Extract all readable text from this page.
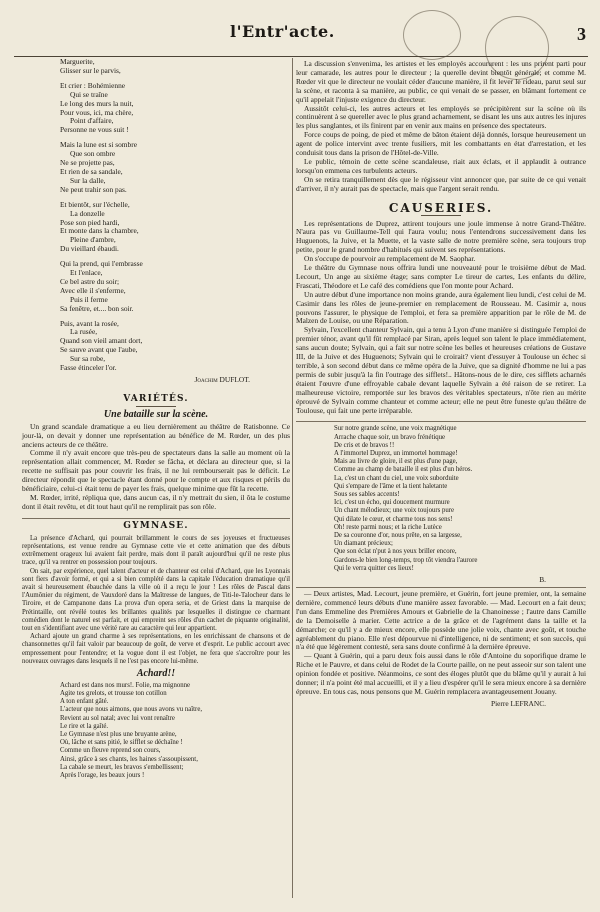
l'Entr'acte.	3

Marguerite,

Glisser sur le parvis,

Et crier : Bohémienne

Qui se traîne

Le long des murs la nuit,

Pour vous, ici, ma chère,

Point d'affaire,

Personne ne vous suit !

Mais la lune est si sombre

Que son ombre

Ne se projette pas,

Et rien de sa sandale,

Sur la dalle,

Ne peut trahir son pas.

Et bientôt, sur l'échelle,

La donzelle

Pose son pied hardi,

Et monte dans la chambre,

Pleine d'ambre,

Du vieillard ébaudi.

Qui la prend, qui l'embrasse

Et l'enlace,

Ce bel astre du soir;

Avec elle il s'enferme,

Puis il ferme

Sa fenêtre, et.... bon soir.

Puis, avant la rosée,

La rusée,

Quand son vieil amant dort,

Se sauve avant que l'aube,

Sur sa robe,

Fasse étinceler l'or.

Joachim DUFLOT.

VARIÉTÉS.
Une bataille sur la scène.

Un grand scandale dramatique a eu lieu dernièrement au théâtre de Ratisbonne. Ce jour-là, on devait y donner une représentation au bénéfice de M. Rœder, un des plus anciens acteurs de ce théâtre.

Comme il n'y avait encore que très-peu de spectateurs dans la salle au moment où la représentation allait commencer, M. Rœder se fâcha, et déclara au directeur que, si la recette ne suffisait pas pour couvrir les frais, il ne lui rembourserait pas le déficit. Le directeur répondit que le spectacle étant donné pour le compte et aux risques et périls du bénéficiaire, celui-ci était tenu de payer les frais, quelque minime que fût la recette.

M. Rœder, irrité, répliqua que, dans aucun cas, il n'y mettrait du sien, il ôta le costume dont il était revêtu, et dit tout haut qu'il ne remplirait pas son rôle.

GYMNASE.

La présence d'Achard, qui pourrait brillamment le cours de ses joyeuses et fructueuses représentations, est venue rendre au Gymnase cette vie et cette animation que des débuts extrêmement orageux lui avaient fait perdre, mais dont il paraît aujourd'hui qu'il ne reste plus trace, qu'il va rentrer en possession pour toujours.

On sait, par expérience, quel talent d'acteur et de chanteur est celui d'Achard, que les Lyonnais sont fiers d'avoir formé, et qui a si bien complété dans la capitale l'éducation dramatique qu'il avait si heureusement ébauchée dans la ville où il a reçu le jour ! Les rôles de Pascal dans l'Aumônier du régiment, de Vauxdoré dans la Maîtresse de langues, de Titi-le-Talocheur dans le Tiroire, et de Campanone dans La prova d'un opera seria, et de Griest dans la marquise de Prétintaille, ont révélé toutes les brillantes qualités par lesquelles il distingue ce charmant comédien dont le naturel est parfait, et qui empreint ses rôles d'un cachet de piquante originalité, tout en s'identifiant avec une vérité rare au caractère qui leur appartient.

Achard ajoute un grand charme à ses représentations, en les enrichissant de chansons et de chansonnettes qu'il fait valoir par beaucoup de goût, de verve et d'esprit. Le public accourt avec empressement pour l'entendre; et la vogue dont il est l'objet, ne fera que s'accroître pour les nouveaux ouvrages dans lesquels il ne l'est pas encore lui-même.

Achard!!

Achard est dans nos murs!. Folie, ma mignonne

Agite tes grelots, et trousse ton cotillon

A ton enfant gâté.

L'acteur que nous aimons, que nous avons vu naître,

Revient au sol natal; avec lui vont renaître

Le rire et la gaîté.

Le Gymnase n'est plus une bruyante arène,

Où, lâche et sans pitié, le sifflet se déchaîne !

Comme un fleuve reprend son cours,

Ainsi, grâce à ses chants, les haines s'assoupissent,

La cabale se meurt, les bravos s'embellissent;

Après l'orage, les beaux jours !

La discussion s'envenima, les artistes et les employés accoururent : les uns prirent parti pour leur camarade, les autres pour le directeur ; la querelle devint bientôt générale; et comme M. Rœder vit que le directeur ne voulait céder d'aucune manière, il fit lever le rideau, parut seul sur la scène, et raconta à sa manière, au public, ce qui venait de se passer, en blâmant fortement ce qu'il appelait l'injuste exigence du directeur.

Aussitôt celui-ci, les autres acteurs et les employés se précipitèrent sur la scène où ils continuèrent à se quereller avec le plus grand acharnement, se disant les uns aux autres les injures les plus sanglantes, et ils finirent par en venir aux mains en présence des spectateurs.

Force coups de poing, de pied et même de bâton étaient déjà donnés, lorsque heureusement un agent de police intervint avec trente fusiliers, mit les combattants en état d'arrestation, et les conduisit tous dans la prison de l'Hôtel-de-Ville.

Le public, témoin de cette scène scandaleuse, riait aux éclats, et il applaudit à outrance lorsqu'on emmena ces turbulents acteurs.

On se retira tranquillement dès que le régisseur vint annoncer que, par suite de ce qui venait d'arriver, il n'y aurait pas de spectacle, mais que l'argent serait rendu.

CAUSERIES.

Les représentations de Duprez, attirent toujours une joule immense à notre Grand-Théâtre. N'aura pas vu Guillaume-Tell qui l'aura voulu; nous l'entendrons successivement dans les Huguenots, la Juive, et la Muette, et la vaste salle de notre première scène, sera toujours trop petite, pour le grand nombre d'habitués qui suivent ses représentations.

On s'occupe de pourvoir au remplacement de M. Saophar.

Le théâtre du Gymnase nous offrira lundi une nouveauté pour le troisième début de Mad. Lecourt, Un ange au sixième étage; sans compter Le tireur de cartes, Les enfants du délire, Frascati, Théodore et Le café des comédiens que l'on monte pour Achard.

Un autre début d'une importance non moins grande, aura également lieu lundi, c'est celui de M. Casimir dans les rôles de jeune-premier en remplacement de Rousseau. M. Casimir a, nous pouvons l'assurer, le physique de l'emploi, et fera sa première apparition par le rôle de M. de Malzen de Louise, ou une Réparation.

Sylvain, l'excellent chanteur Sylvain, qui a tenu à Lyon d'une manière si distinguée l'emploi de premier ténor, avant qu'il fût remplacé par Siran, après lequel son talent le place immédiatement, sans aucun doute; Sylvain, qui a fait sur notre scène les belles et heureuses créations de Gustave III, de la Juive et des Huguenots; Sylvain qui le croirait? vient d'essuyer à Toulouse un échec si terrible, à son second début dans ce même opéra de la Juive, que sa dignité d'homme ne lui a pas permis de subir jusqu'à la fin l'outrage des sifflets!.. Hâtons-nous de le dire, ces sifflets acharnés étaient l'œuvre d'une effroyable cabale devant laquelle Sylvain a été raison de se retirer. La malheureuse victoire, remportée sur les bravos des véritables spectateurs, n'ôte rien au mérite éprouvé de Sylvain comme chanteur et comme acteur; elle ne peut être funeste qu'au théâtre de Toulouse, qui fait une perte irréparable.

Sur notre grande scène, une voix magnétique

Arrache chaque soir, un bravo frénétique

De cris et de bravos !!

A l'immortel Duprez, un immortel hommage!

Mais au livre de gloire, il est plus d'une page,

Comme au champ de bataille il est plus d'un héros.

La, c'est un chant du ciel, une voix suborduite

Qui s'empare de l'âme et la tient haletante

Sous ses sables accents!

Ici, c'est un écho, qui doucement murmure

Un chant mélodieux; une voix toujours pure

Qui dilate le cœur, et charme tous nos sens!

Oh! reste parmi nous; et la riche Lutèce

De sa couronne d'or, nous prête, en sa largesse,

Un diamant précieux;

Que son éclat n'put à nos yeux briller encore,

Gardons-le bien long-temps, trop tôt viendra l'aurore

Qui le verra quitter ces lieux!

B.

— Deux artistes, Mad. Lecourt, jeune première, et Guérin, fort jeune premier, ont, la semaine dernière, commencé leurs débuts d'une manière assez favorable. — Mad. Lecourt en a fait deux; l'un dans Emmeline des Premières Amours et Gabrielle de la Chanoinesse ; l'autre dans Camille de la Demoiselle à marier. Cette actrice a de la grâce et de l'agrément dans la taille et la démarche; ce qu'il y a de mieux encore, elle possède une jolie voix, chante avec goût, et touche agréablement du piano. Elle n'est dépourvue ni d'intelligence, ni de sentiment; et son succès, qui n'a été que légèrement contesté, sera sans doute confirmé à la dernière épreuve.

— Quant à Guérin, qui a paru deux fois aussi dans le rôle d'Antoine du soporifique drame le Riche et le Pauvre, et dans celui de Rodet de la Courte paille, on ne peut asseoir sur son talent une opinion fondée et positive. Néanmoins, ce sont des éloges plutôt que du blâme qu'il y aurait à lui donner; il n'a point été mal accueilli, et il y a lieu d'espérer qu'il le sera mieux encore à sa dernière épreuve. En tous cas, nous pensons que M. Guérin remplacera avantageusement Jouany.

Pierre LEFRANC.
